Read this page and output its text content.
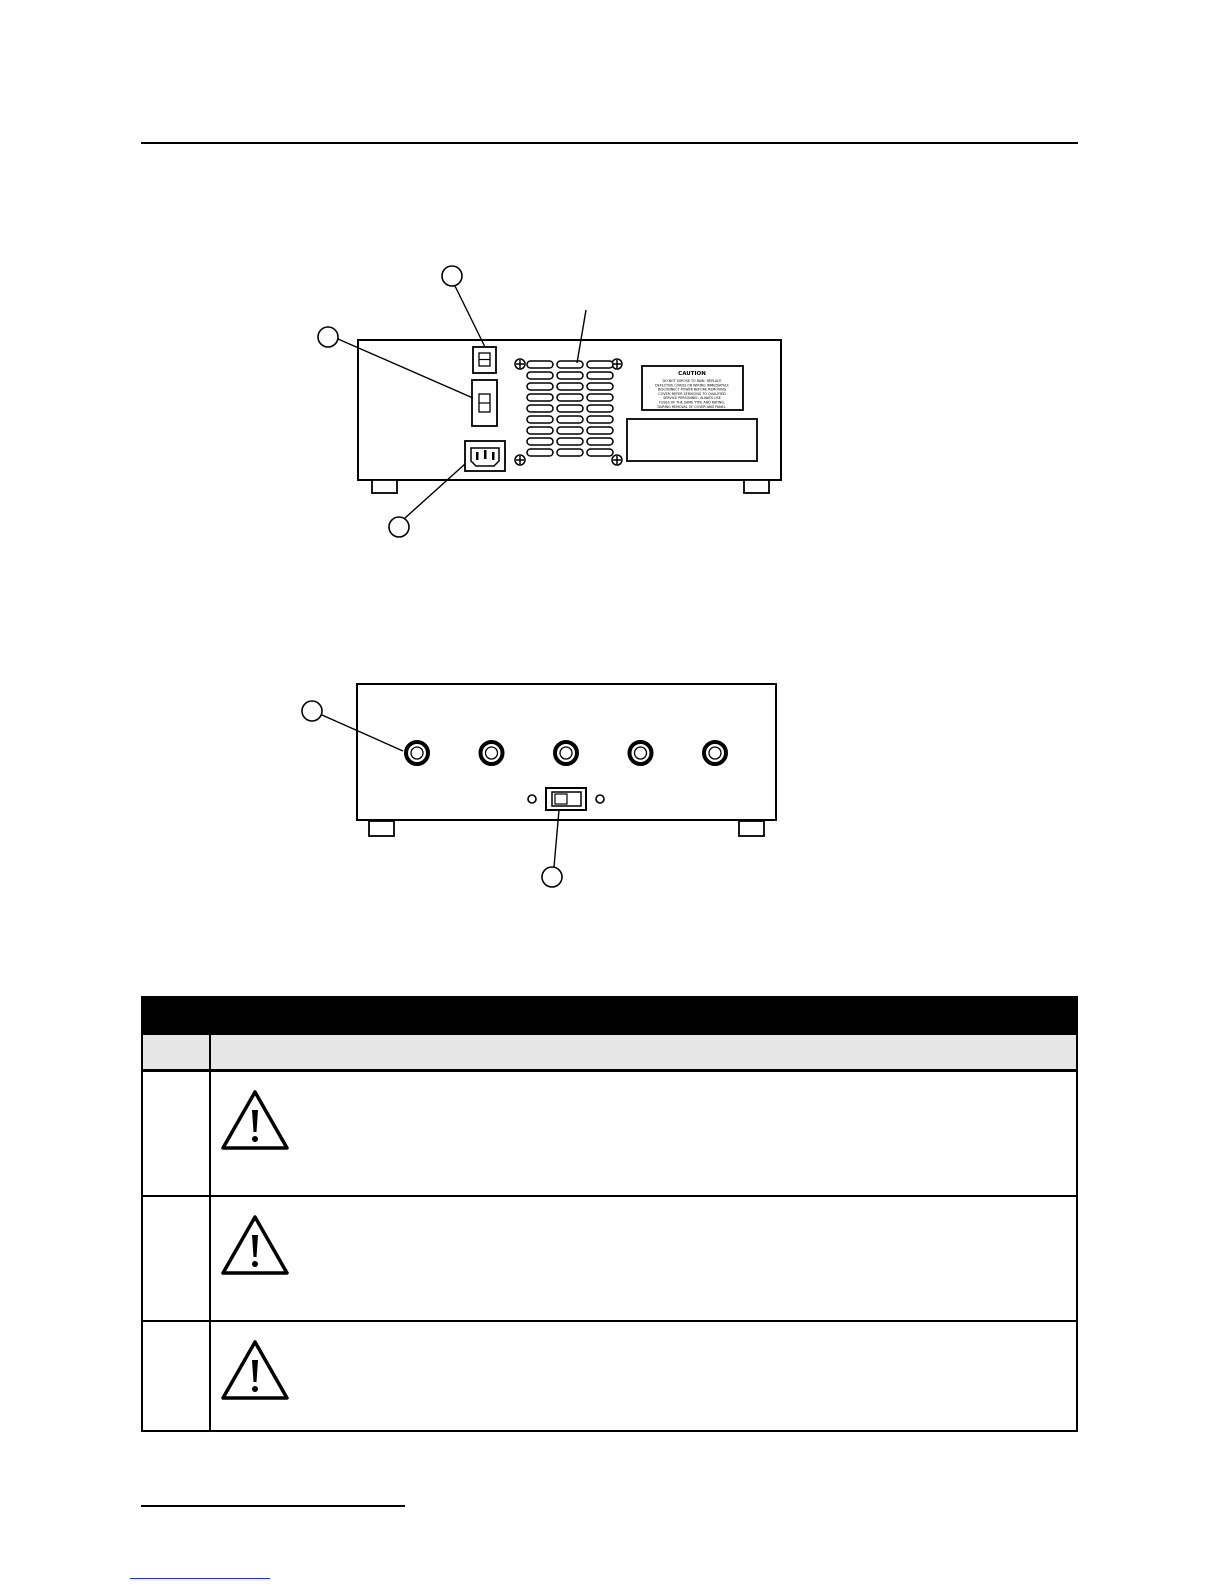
CAUTION
DO NOT EXPOSE TO RAIN. REPLACE
DEFECTIVE CORDS OR WIRING IMMEDIATELY.
DISCONNECT POWER BEFORE REMOVING
COVER. REFER SERVICING TO QUALIFIED
SERVICE PERSONNEL. ALWAYS USE
FUSES OF THE SAME TYPE AND RATING.
DURING REMOVAL OF COVER AND PANEL.
